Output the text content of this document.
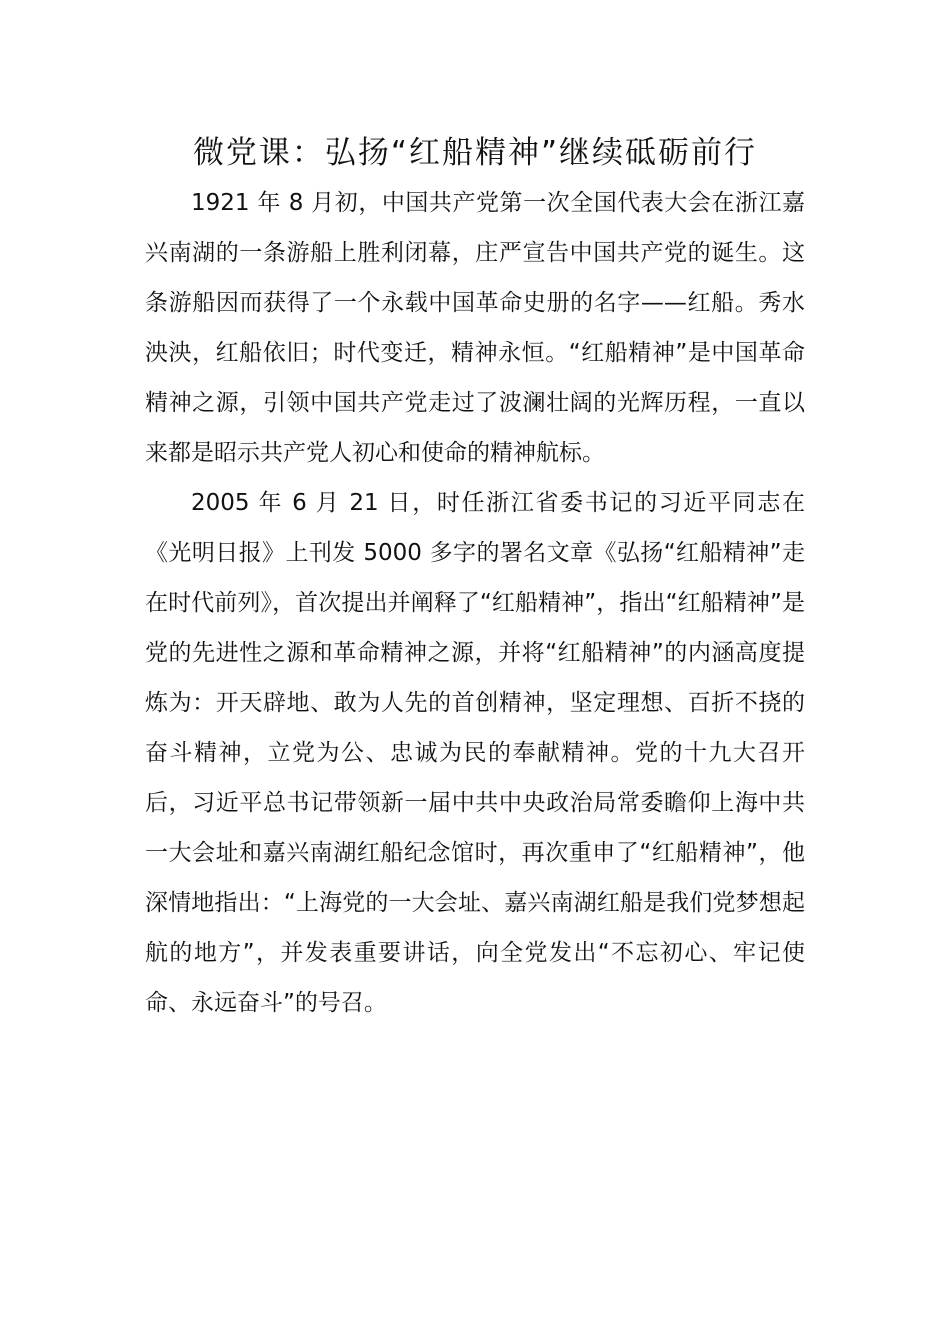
微党课：弘扬“红船精神”继续砥砺前行

1921 年 8 月初，中国共产党第一次全国代表大会在浙江嘉兴南湖的一条游船上胜利闭幕，庄严宣告中国共产党的诞生。这条游船因而获得了一个永载中国革命史册的名字——红船。秀水泱泱，红船依旧；时代变迁，精神永恒。“红船精神”是中国革命精神之源，引领中国共产党走过了波澜壮阔的光辉历程，一直以来都是昭示共产党人初心和使命的精神航标。

2005 年 6 月 21 日，时任浙江省委书记的习近平同志在《光明日报》上刊发 5000 多字的署名文章《弘扬“红船精神”走在时代前列》，首次提出并阐释了“红船精神”，指出“红船精神”是党的先进性之源和革命精神之源，并将“红船精神”的内涵高度提炼为：开天辟地、敢为人先的首创精神，坚定理想、百折不挠的奋斗精神，立党为公、忠诚为民的奉献精神。党的十九大召开后，习近平总书记带领新一届中共中央政治局常委瞻仰上海中共一大会址和嘉兴南湖红船纪念馆时，再次重申了“红船精神”，他深情地指出：“上海党的一大会址、嘉兴南湖红船是我们党梦想起航的地方”，并发表重要讲话，向全党发出“不忘初心、牢记使命、永远奋斗”的号召。
